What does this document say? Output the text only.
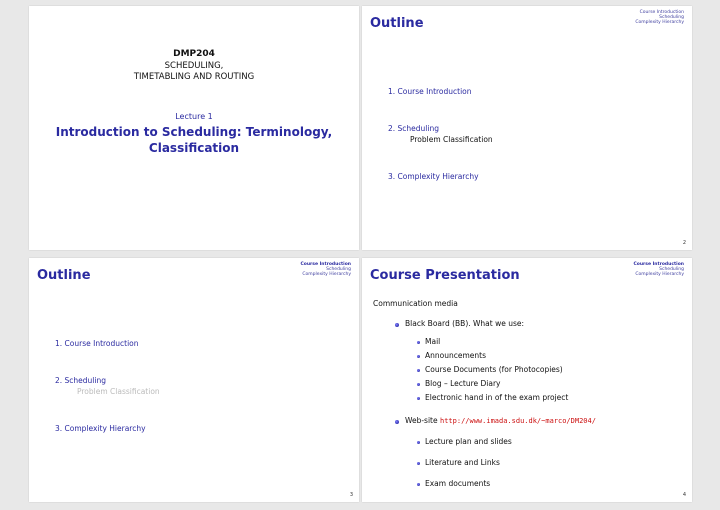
DMP204
SCHEDULING,
TIMETABLING AND ROUTING
Lecture 1
Introduction to Scheduling: Terminology,
Classification
Outline
Course Introduction
Scheduling
Complexity Hierarchy
1. Course Introduction
2. Scheduling
Problem Classification
3. Complexity Hierarchy
2
Outline
Course Introduction
Scheduling
Complexity Hierarchy
1. Course Introduction
2. Scheduling
Problem Classification
3. Complexity Hierarchy
3
Course Presentation
Course Introduction
Scheduling
Complexity Hierarchy
Communication media
Black Board (BB). What we use:
Mail
Announcements
Course Documents (for Photocopies)
Blog – Lecture Diary
Electronic hand in of the exam project
Web-site http://www.imada.sdu.dk/~marco/DM204/
Lecture plan and slides
Literature and Links
Exam documents
4
